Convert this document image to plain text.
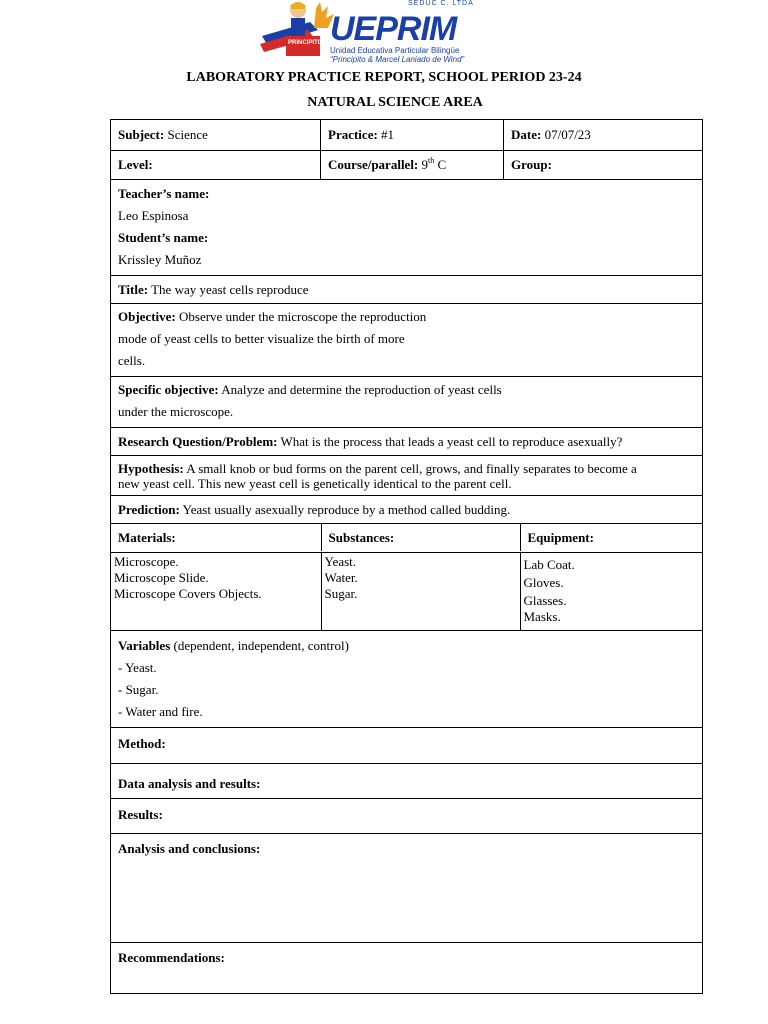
PRINCIPITO
SEDUC C. LTDA
UEPRIM
Unidad Educativa Particular Bilingüe
“Principito & Marcel Laniado de Wind”
LABORATORY PRACTICE REPORT, SCHOOL PERIOD 23-24
NATURAL SCIENCE AREA
Subject: Science	Practice: #1	Date: 07/07/23
Level:	Course/parallel: 9th C	Group:

Teacher’s name:
Leo Espinosa
Student’s name:
Krissley Muñoz

Title: The way yeast cells reproduce

Objective: Observe under the microscope the reproduction
mode of yeast cells to better visualize the birth of more
cells.

Specific objective: Analyze and determine the reproduction of yeast cells
under the microscope.

Research Question/Problem: What is the process that leads a yeast cell to reproduce asexually?
Hypothesis: A small knob or bud forms on the parent cell, grows, and finally separates to become a
new yeast cell. This new yeast cell is genetically identical to the parent cell.
Prediction: Yeast usually asexually reproduce by a method called budding.

Materials:	Substances:	Equipment:

Microscope.
Microscope Slide.
Microscope Covers Objects.

Yeast.
Water.
Sugar.

Lab Coat.
Gloves.
Glasses.
Masks.

Variables (dependent, independent, control)
- Yeast.
- Sugar.
- Water and fire.

Method:
Data analysis and results:
Results:
Analysis and conclusions:
Recommendations:
